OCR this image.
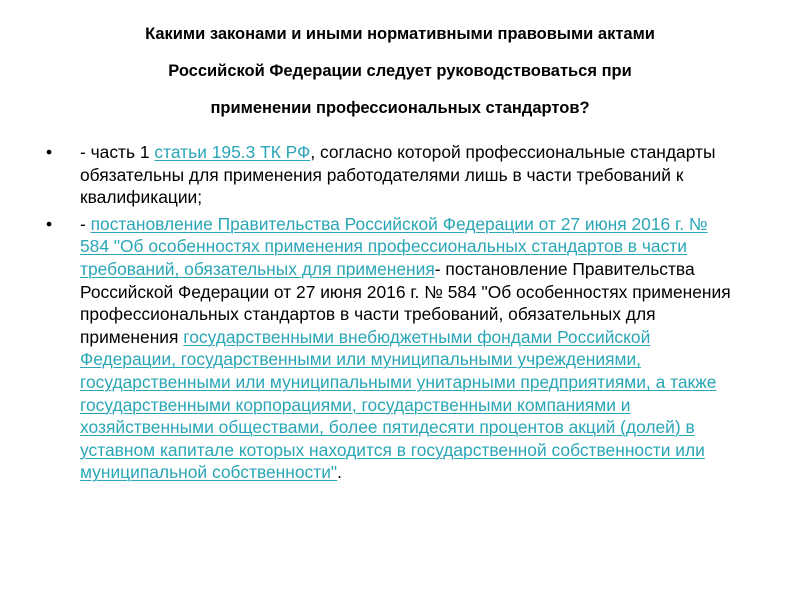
Какими законами и иными нормативными правовыми актами
Российской Федерации следует руководствоваться при
применении профессиональных стандартов?
• - часть 1 статьи 195.3 ТК РФ, согласно которой профессиональные стандарты обязательны для применения работодателями лишь в части требований к квалификации;
• - постановление Правительства Российской Федерации от 27 июня 2016 г. № 584 "Об особенностях применения профессиональных стандартов в части требований, обязательных для применения- постановление Правительства Российской Федерации от 27 июня 2016 г. № 584 "Об особенностях применения профессиональных стандартов в части требований, обязательных для применения государственными внебюджетными фондами Российской Федерации, государственными или муниципальными учреждениями, государственными или муниципальными унитарными предприятиями, а также государственными корпорациями, государственными компаниями и хозяйственными обществами, более пятидесяти процентов акций (долей) в уставном капитале которых находится в государственной собственности или муниципальной собственности".
